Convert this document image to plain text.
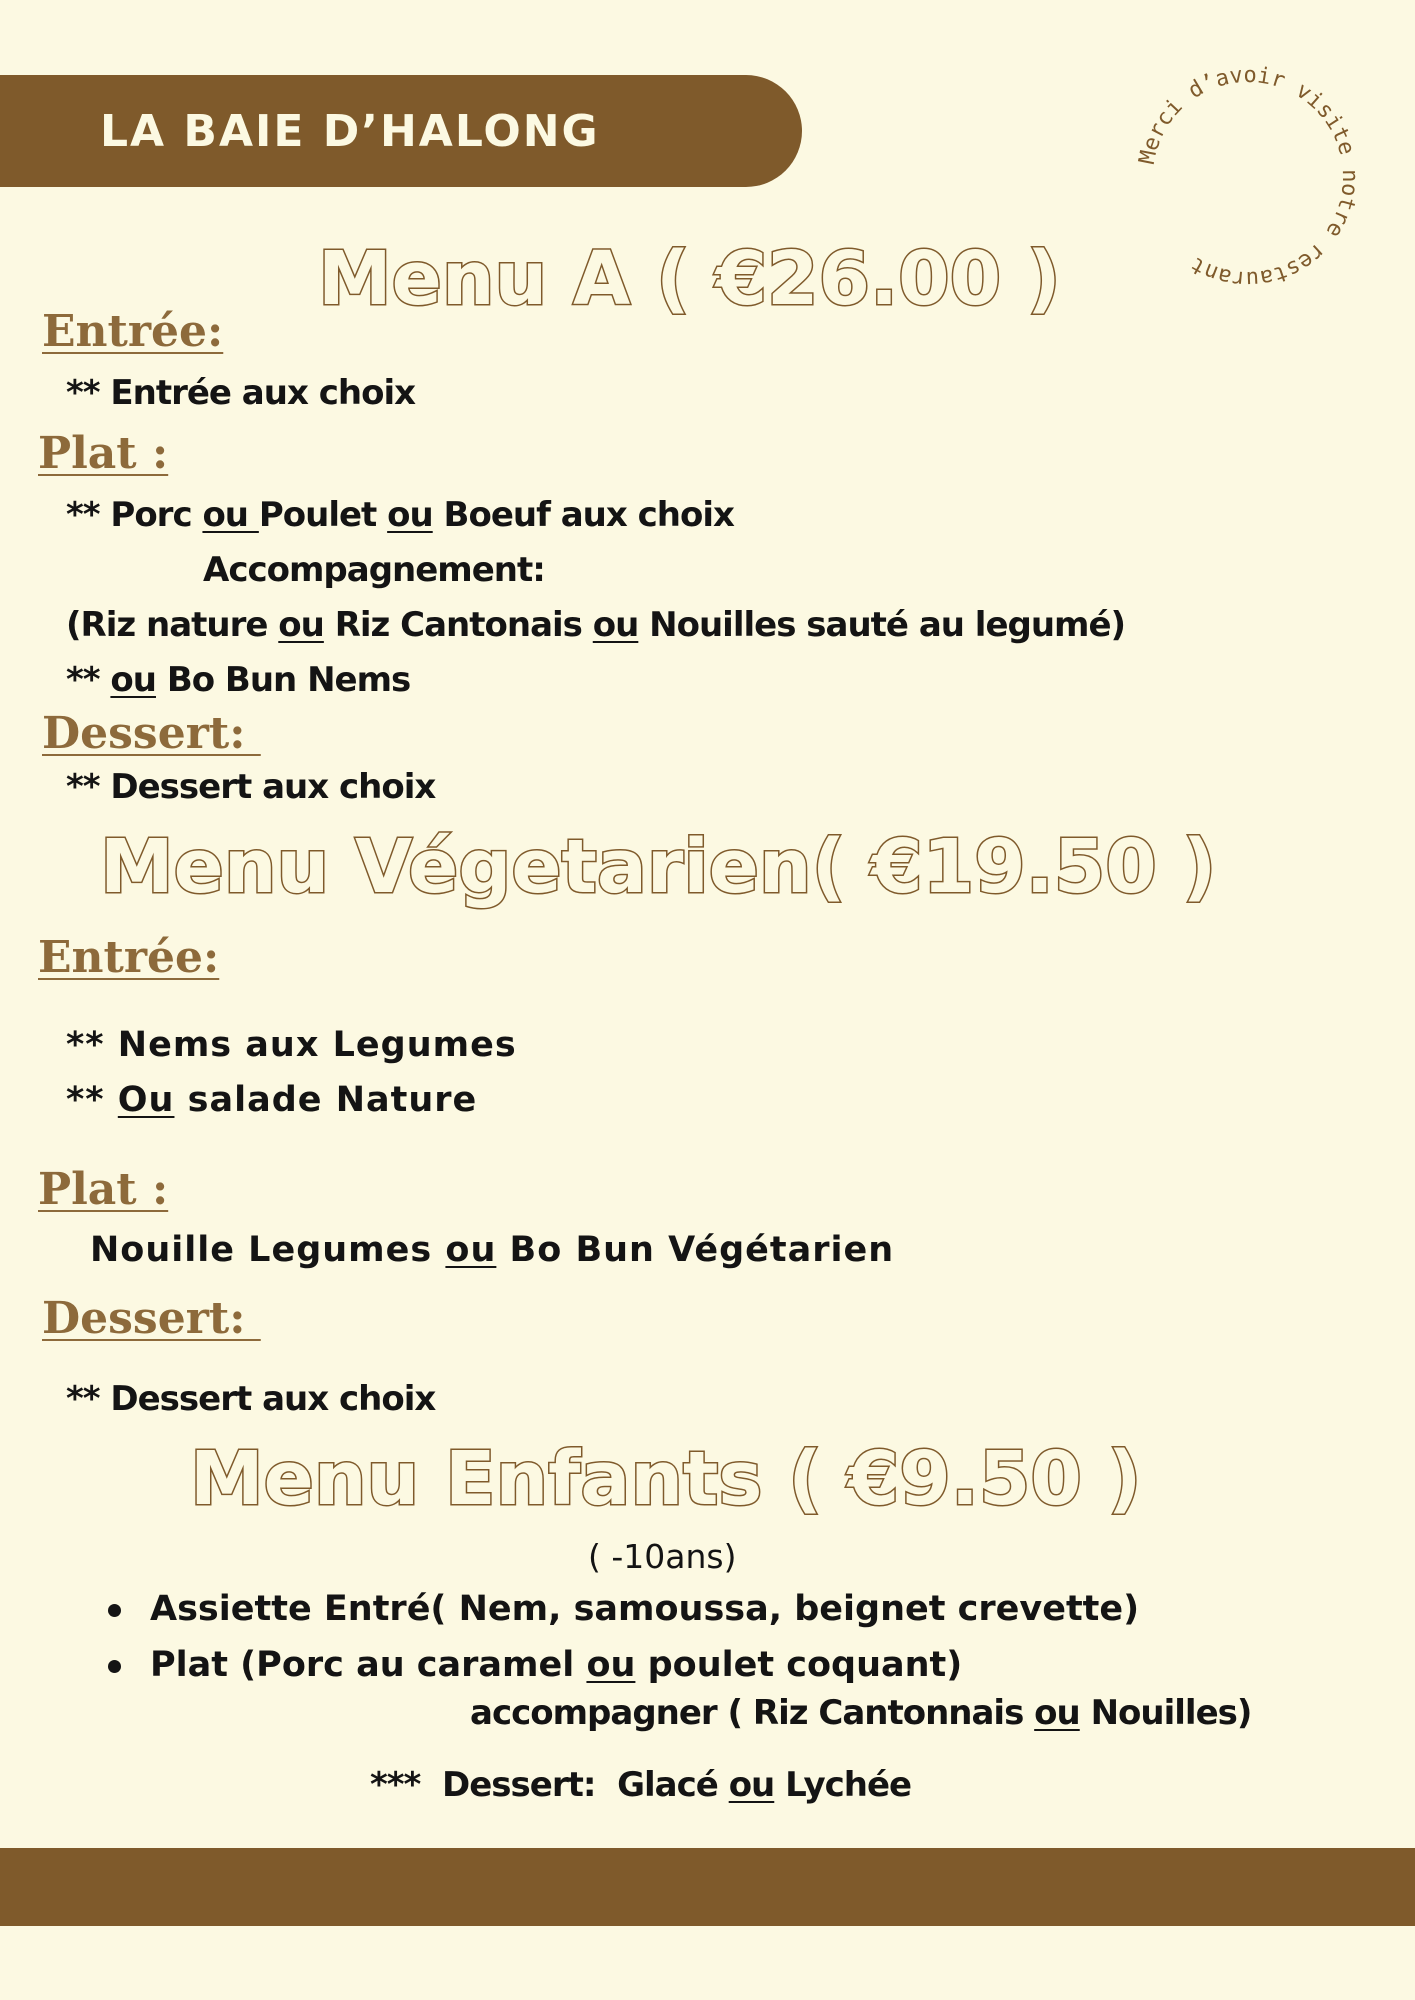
LA BAIE D’HALONG
Merci d’avoir visite notre restaurant
Menu A ( €26.00 )
Entrée:
** Entrée aux choix
Plat :
** Porc ou Poulet ou Boeuf aux choix
Accompagnement:
(Riz nature ou Riz Cantonais ou Nouilles sauté au legumé)
** ou Bo Bun Nems
Dessert:
** Dessert aux choix
Menu Végetarien( €19.50 )
Entrée:
** Nems aux Legumes
** Ou salade Nature
Plat :
Nouille Legumes ou Bo Bun Végétarien
Dessert:
** Dessert aux choix
Menu Enfants ( €9.50 )
( -10ans)
Assiette Entré( Nem, samoussa, beignet crevette)
Plat (Porc au caramel ou poulet coquant)
accompagner ( Riz Cantonnais ou Nouilles)
***  Dessert:  Glacé ou Lychée
